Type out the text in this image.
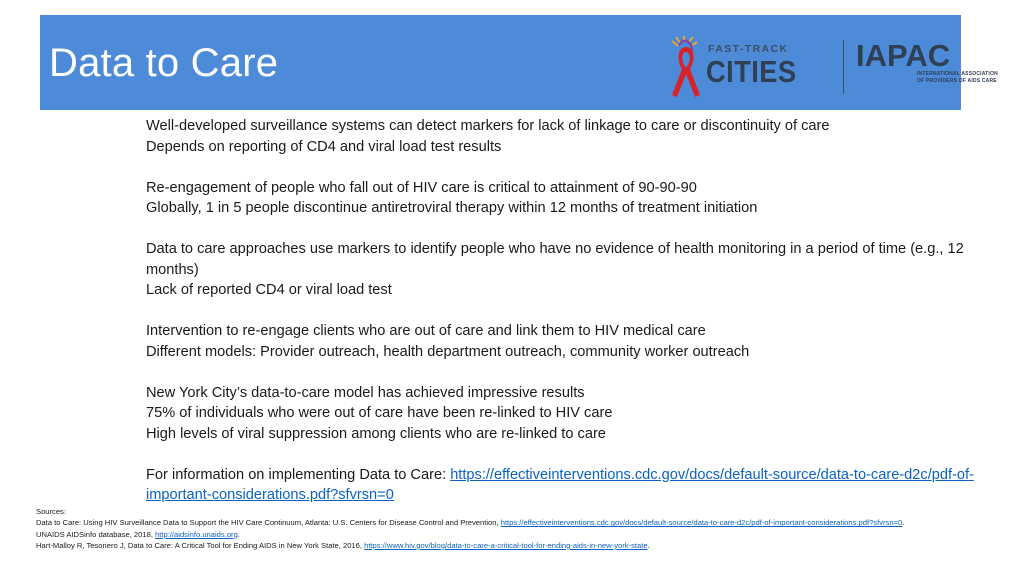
Data to Care	FAST-TRACK
CITIES IAPAC
INTERNATIONAL ASSOCIATION
OF PROVIDERS OF AIDS CARE
Well-developed surveillance systems can detect markers for lack of linkage to care or discontinuity of care
Depends on reporting of CD4 and viral load test results
Re-engagement of people who fall out of HIV care is critical to attainment of 90-90-90
Globally, 1 in 5 people discontinue antiretroviral therapy within 12 months of treatment initiation
Data to care approaches use markers to identify people who have no evidence of health monitoring in a period of time (e.g., 12 months)
Lack of reported CD4 or viral load test
Intervention to re-engage clients who are out of care and link them to HIV medical care
Different models: Provider outreach, health department outreach, community worker outreach
New York City’s data-to-care model has achieved impressive results
75% of individuals who were out of care have been re-linked to HIV care
High levels of viral suppression among clients who are re-linked to care
For information on implementing Data to Care: https://effectiveinterventions.cdc.gov/docs/default-source/data-to-care-d2c/pdf-of-important-considerations.pdf?sfvrsn=0
Sources:
Data to Care: Using HIV Surveillance Data to Support the HIV Care Continuum, Atlanta: U.S. Centers for Disease Control and Prevention, https://effectiveinterventions.cdc.gov/docs/default-source/data-to-care-d2c/pdf-of-important-considerations.pdf?sfvrsn=0.
UNAIDS AIDSinfo database, 2018, http://aidsinfo.unaids.org.
Hart-Malloy R, Tesoriero J, Data to Care: A Critical Tool for Ending AIDS in New York State, 2016, https://www.hiv.gov/blog/data-to-care-a-critical-tool-for-ending-aids-in-new-york-state.
